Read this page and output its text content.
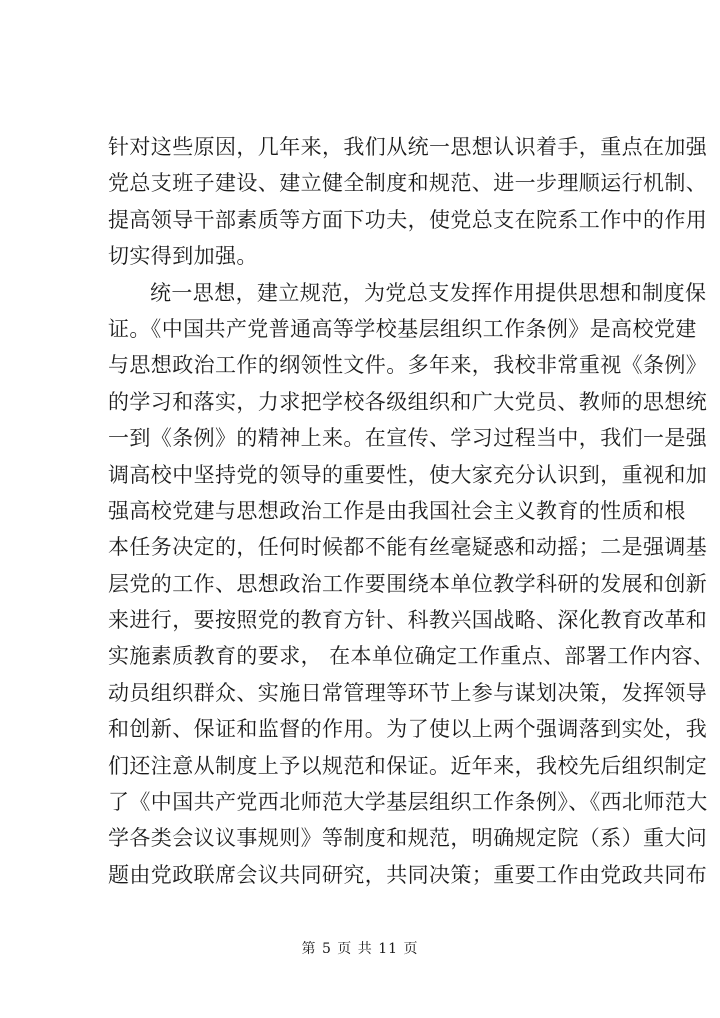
针对这些原因，几年来，我们从统一思想认识着手，重点在加强
党总支班子建设、建立健全制度和规范、进一步理顺运行机制、
提高领导干部素质等方面下功夫，使党总支在院系工作中的作用
切实得到加强。
统一思想，建立规范，为党总支发挥作用提供思想和制度保
证。《中国共产党普通高等学校基层组织工作条例》是高校党建
与思想政治工作的纲领性文件。多年来，我校非常重视《条例》
的学习和落实，力求把学校各级组织和广大党员、教师的思想统
一到《条例》的精神上来。在宣传、学习过程当中，我们一是强
调高校中坚持党的领导的重要性，使大家充分认识到，重视和加
强高校党建与思想政治工作是由我国社会主义教育的性质和根
本任务决定的，任何时候都不能有丝毫疑惑和动摇；二是强调基
层党的工作、思想政治工作要围绕本单位教学科研的发展和创新
来进行，要按照党的教育方针、科教兴国战略、深化教育改革和
实施素质教育的要求， 在本单位确定工作重点、部署工作内容、
动员组织群众、实施日常管理等环节上参与谋划决策，发挥领导
和创新、保证和监督的作用。为了使以上两个强调落到实处，我
们还注意从制度上予以规范和保证。近年来，我校先后组织制定
了《中国共产党西北师范大学基层组织工作条例》、《西北师范大
学各类会议议事规则》等制度和规范，明确规定院（系）重大问
题由党政联席会议共同研究，共同决策；重要工作由党政共同布
第 5 页 共 11 页
